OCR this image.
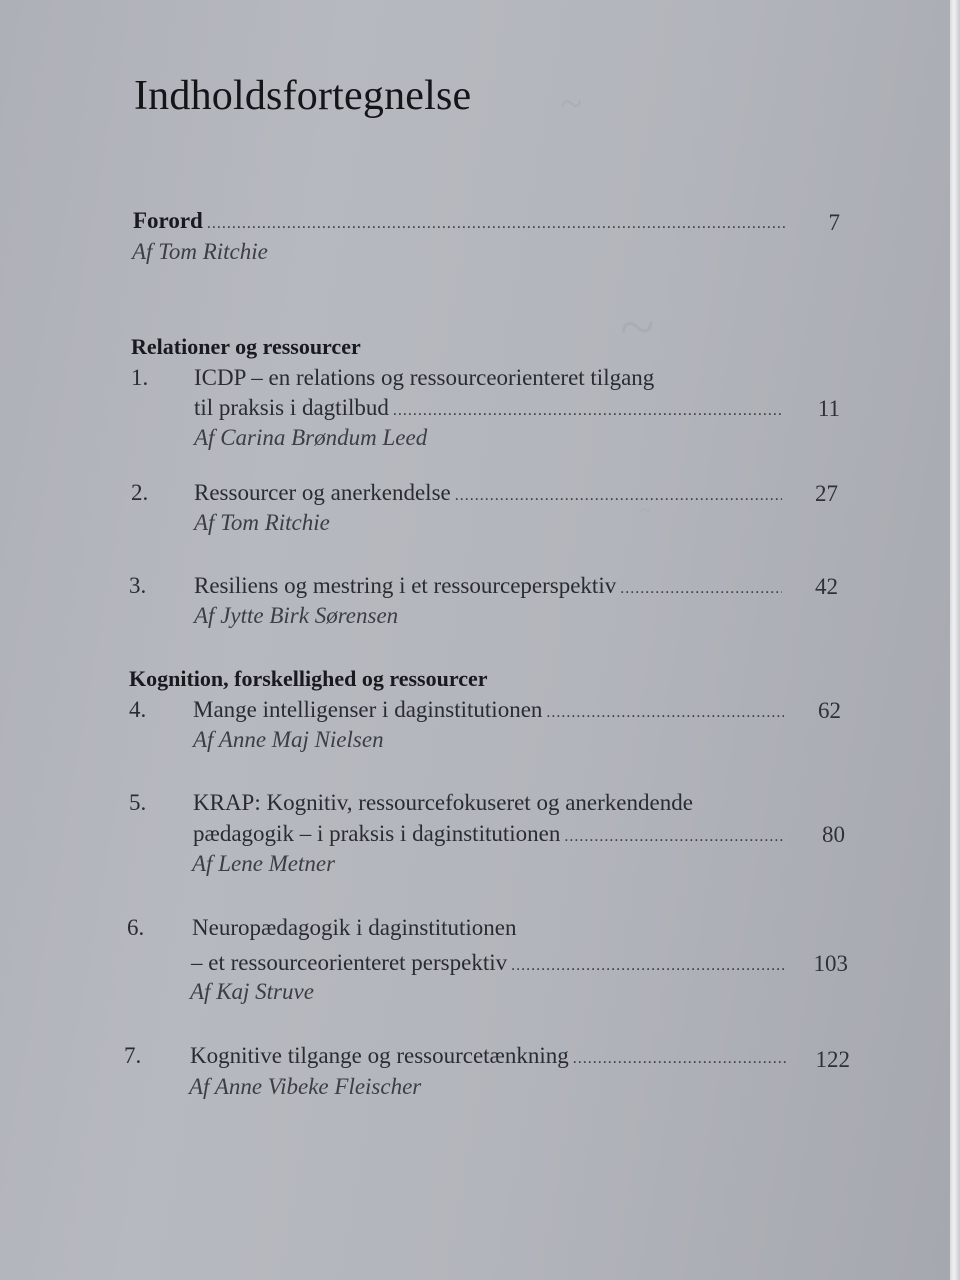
~
~
~
Indholdsfortegnelse
Forord .....	7
Af Tom Ritchie
Relationer og ressourcer
1. ICDP – en relations og ressourceorienteret tilgang
til praksis i dagtilbud .....	11
Af Carina Brøndum Leed
2. Ressourcer og anerkendelse .....	27
Af Tom Ritchie
3. Resiliens og mestring i et ressourceperspektiv .....	42
Af Jytte Birk Sørensen
Kognition, forskellighed og ressourcer
4. Mange intelligenser i daginstitutionen .....	62
Af Anne Maj Nielsen
5. KRAP: Kognitiv, ressourcefokuseret og anerkendende
pædagogik – i praksis i daginstitutionen .....	80
Af Lene Metner
6. Neuropædagogik i daginstitutionen
– et ressourceorienteret perspektiv .....	103
Af Kaj Struve
7. Kognitive tilgange og ressourcetænkning .....	122
Af Anne Vibeke Fleischer
